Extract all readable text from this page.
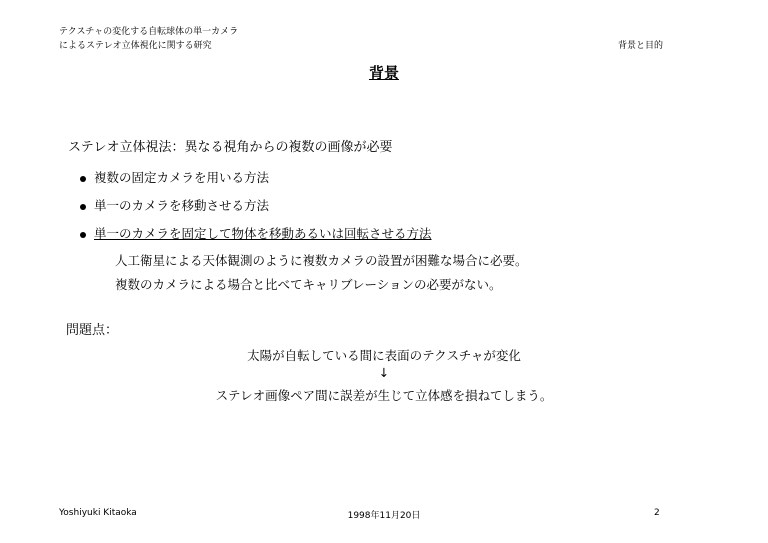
テクスチャの変化する自転球体の単一カメラ
によるステレオ立体視化に関する研究	背景と目的
背景
ステレオ立体視法：異なる視角からの複数の画像が必要
複数の固定カメラを用いる方法
単一のカメラを移動させる方法
単一のカメラを固定して物体を移動あるいは回転させる方法
人工衛星による天体観測のように複数カメラの設置が困難な場合に必要。
複数のカメラによる場合と比べてキャリブレーションの必要がない。
問題点：
太陽が自転している間に表面のテクスチャが変化
↓
ステレオ画像ペア間に誤差が生じて立体感を損ねてしまう。
Yoshiyuki Kitaoka	1998年11月20日	2
